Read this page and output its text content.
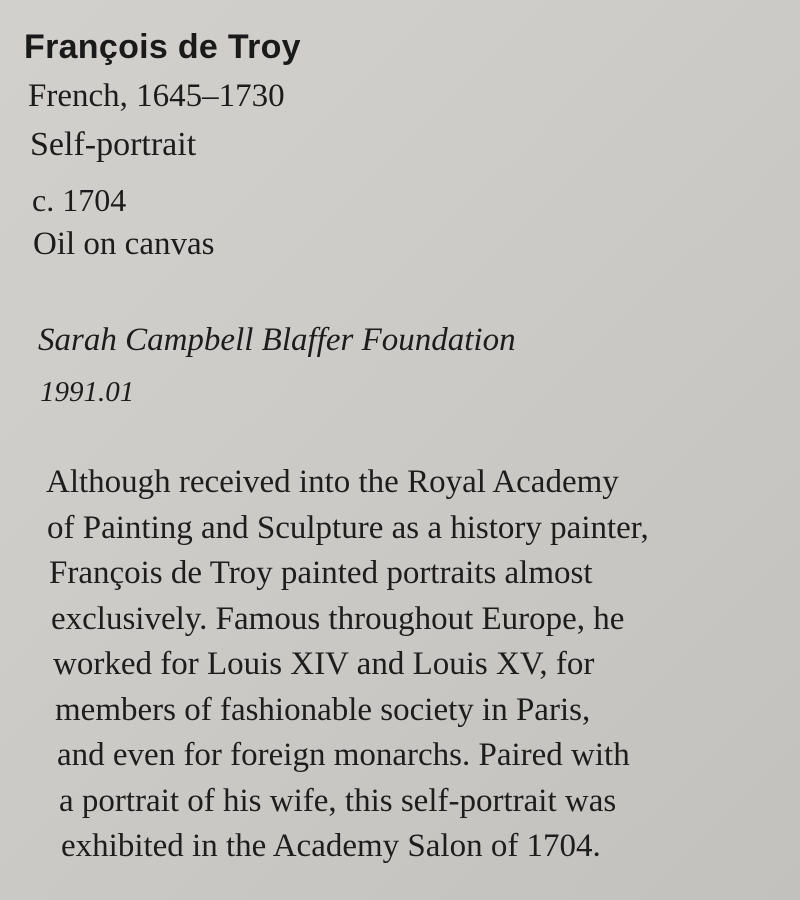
François de Troy
French, 1645–1730
Self-portrait
c. 1704
Oil on canvas
Sarah Campbell Blaffer Foundation
1991.01
Although received into the Royal Academy
of Painting and Sculpture as a history painter,
François de Troy painted portraits almost
exclusively. Famous throughout Europe, he
worked for Louis XIV and Louis XV, for
members of fashionable society in Paris,
and even for foreign monarchs. Paired with
a portrait of his wife, this self-portrait was
exhibited in the Academy Salon of 1704.
